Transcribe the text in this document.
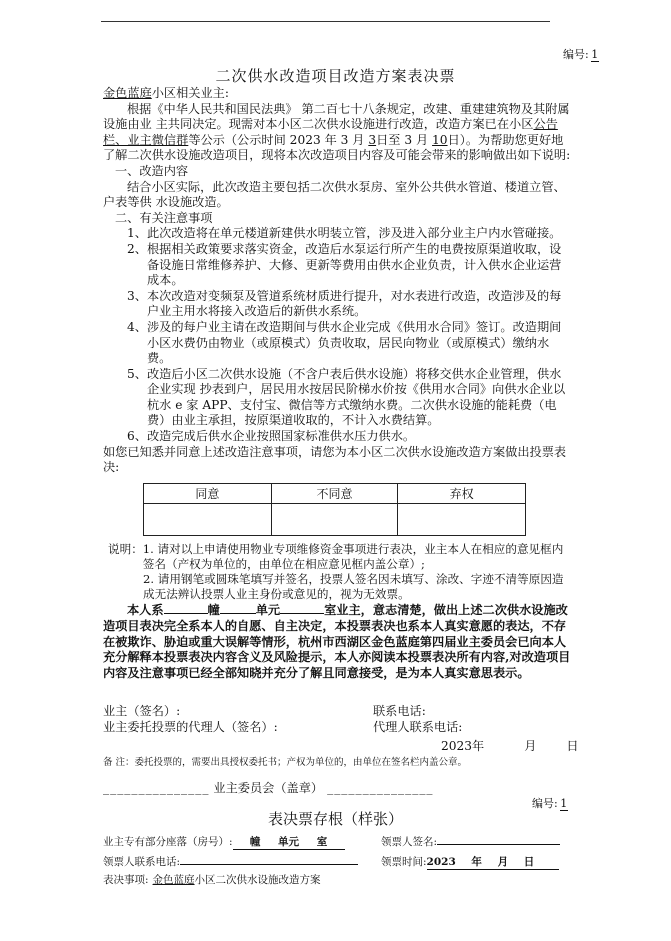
编号: 1
二次供水改造项目改造方案表决票

金色蓝庭小区相关业主:

根据《中华人民共和国民法典》 第二百七十八条规定，改建、重建建筑物及其附属设施由业 主共同决定。现需对本小区二次供水设施进行改造，改造方案已在小区公告栏、业主微信群等公示（公示时间 2023 年 3 月 3日至 3 月 10日）。为帮助您更好地了解二次供水设施改造项目，现将本次改造项目内容及可能会带来的影响做出如下说明:

一、改造内容

结合小区实际，此次改造主要包括二次供水泵房、室外公共供水管道、楼道立管、户表等供 水设施改造。

二、有关注意事项

1、 此次改造将在单元楼道新建供水明装立管，涉及进入部分业主户内水管碰接。
2、 根据相关政策要求落实资金，改造后水泵运行所产生的电费按原渠道收取，设备设施日常维修养护、大修、更新等费用由供水企业负责，计入供水企业运营成本。
3、 本次改造对变频泵及管道系统材质进行提升，对水表进行改造，改造涉及的每户业主用水将接入改造后的新供水系统。
4、 涉及的每户业主请在改造期间与供水企业完成《供用水合同》签订。改造期间小区水费仍由物业（或原模式）负责收取，居民向物业（或原模式）缴纳水费。
5、 改造后小区二次供水设施（不含户表后供水设施）将移交供水企业管理，供水企业实现 抄表到户，居民用水按居民阶梯水价按《供用水合同》向供水企业以杭水 e 家 APP、支付宝、微信等方式缴纳水费。二次供水设施的能耗费（电费）由业主承担，按原渠道收取的，不计入水费结算。
6、 改造完成后供水企业按照国家标准供水压力供水。

如您已知悉并同意上述改造注意事项，请您为本小区二次供水设施改造方案做出投票表决:

同意	不同意	弃权

说明： 1. 请对以上申请使用物业专项维修资金事项进行表决，业主本人在相应的意见框内签名（产权为单位的，由单位在相应意见框内盖公章）;
2. 请用钢笔或圆珠笔填写并签名，投票人签名因未填写、涂改、字迹不清等原因造成无法辨认投票人业主身份或意见的，视为无效票。
本人系	幢	单元	室业主，意志清楚，做出上述二次供水设施改造项目表决完全系本人的自愿、自主决定，本投票表决也系本人真实意愿的表达，不存在被欺诈、胁迫或重大误解等情形，杭州市西湖区金色蓝庭第四届业主委员会已向本人充分解释本投票表决内容含义及风险提示，本人亦阅读本投票表决所有内容,对改造项目内容及注意事项已经全部知晓并充分了解且同意接受，是为本人真实意思表示。
业主（签名）:	联系电话:
业主委托投票的代理人（签名）:	代理人联系电话:
2023年	月 日
备 注：委托投票的，需要出具授权委托书；产权为单位的，由单位在签名栏内盖公章。
_______________ 业主委员会（盖章） _______________
编号: 1
表决票存根（样张）
业主专有部分座落（房号）: 幢 单元 室	领票人签名:
领票人联系电话:	领票时间:2023 年 月 日
表决事项: 金色蓝庭小区二次供水设施改造方案
